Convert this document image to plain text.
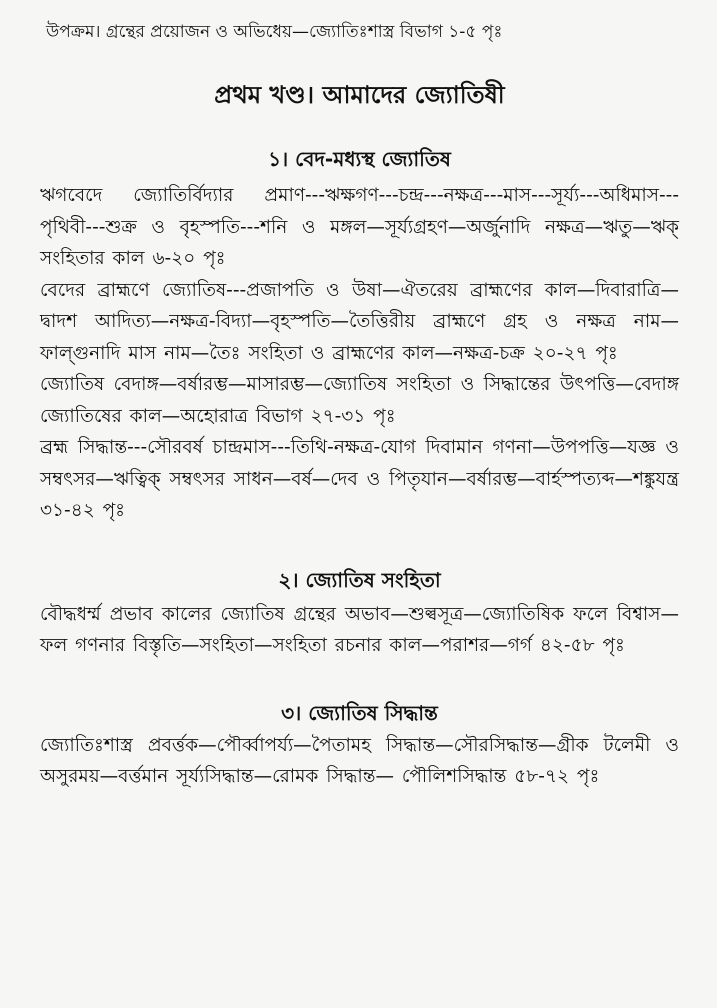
উপক্রম। গ্রন্থের প্রয়োজন ও অভিধেয়—জ্যোতিঃশাস্ত্র বিভাগ ১-৫ পৃঃ
প্রথম খণ্ড। আমাদের জ্যোতিষী
১। বেদ-মধ্যস্থ জ্যোতিষ

ঋগবেদে জ্যোতির্বিদ্যার প্রমাণ---ঋক্ষগণ---চন্দ্র---নক্ষত্র---মাস---সূর্য্য---অধিমাস---পৃথিবী---শুক্র ও বৃহস্পতি---শনি ও মঙ্গল—সূর্য্যগ্রহণ—অর্জুনাদি নক্ষত্র—ঋতু—ঋক্ সংহিতার কাল ৬-২০ পৃঃ

বেদের ব্রাহ্মণে জ্যোতিষ---প্রজাপতি ও উষা—ঐতরেয় ব্রাহ্মণের কাল—দিবারাত্রি—দ্বাদশ আদিত্য—নক্ষত্র-বিদ্যা—বৃহস্পতি—তৈত্তিরীয় ব্রাহ্মণে গ্রহ ও নক্ষত্র নাম—ফাল্গুনাদি মাস নাম—তৈঃ সংহিতা ও ব্রাহ্মণের কাল—নক্ষত্র-চক্র ২০-২৭ পৃঃ

জ্যোতিষ বেদাঙ্গ—বর্ষারম্ভ—মাসারম্ভ—জ্যোতিষ সংহিতা ও সিদ্ধান্তের উৎপত্তি—বেদাঙ্গ জ্যোতিষের কাল—অহোরাত্র বিভাগ ২৭-৩১ পৃঃ

ব্রহ্ম সিদ্ধান্ত---সৌরবর্ষ চান্দ্রমাস---তিথি-নক্ষত্র-যোগ দিবামান গণনা—উপপত্তি—যজ্ঞ ও সম্বৎসর—ঋত্বিক্ সম্বৎসর সাধন—বর্ষ—দেব ও পিতৃযান—বর্ষারম্ভ—বার্হস্পত্যব্দ—শঙ্কুযন্ত্র ৩১-৪২ পৃঃ

২। জ্যোতিষ সংহিতা

বৌদ্ধধর্ম্ম প্রভাব কালের জ্যোতিষ গ্রন্থের অভাব—শুল্বসূত্র—জ্যোতিষিক ফলে বিশ্বাস—ফল গণনার বিস্তৃতি—সংহিতা—সংহিতা রচনার কাল—পরাশর—গর্গ ৪২-৫৮ পৃঃ

৩। জ্যোতিষ সিদ্ধান্ত

জ্যোতিঃশাস্ত্র প্রবর্ত্তক—পৌর্ব্বাপর্য্য—পৈতামহ সিদ্ধান্ত—সৌরসিদ্ধান্ত—গ্রীক টলেমী ও অসুরময়—বর্ত্তমান সূর্য্যসিদ্ধান্ত—রোমক সিদ্ধান্ত— পৌলিশসিদ্ধান্ত ৫৮-৭২ পৃঃ
